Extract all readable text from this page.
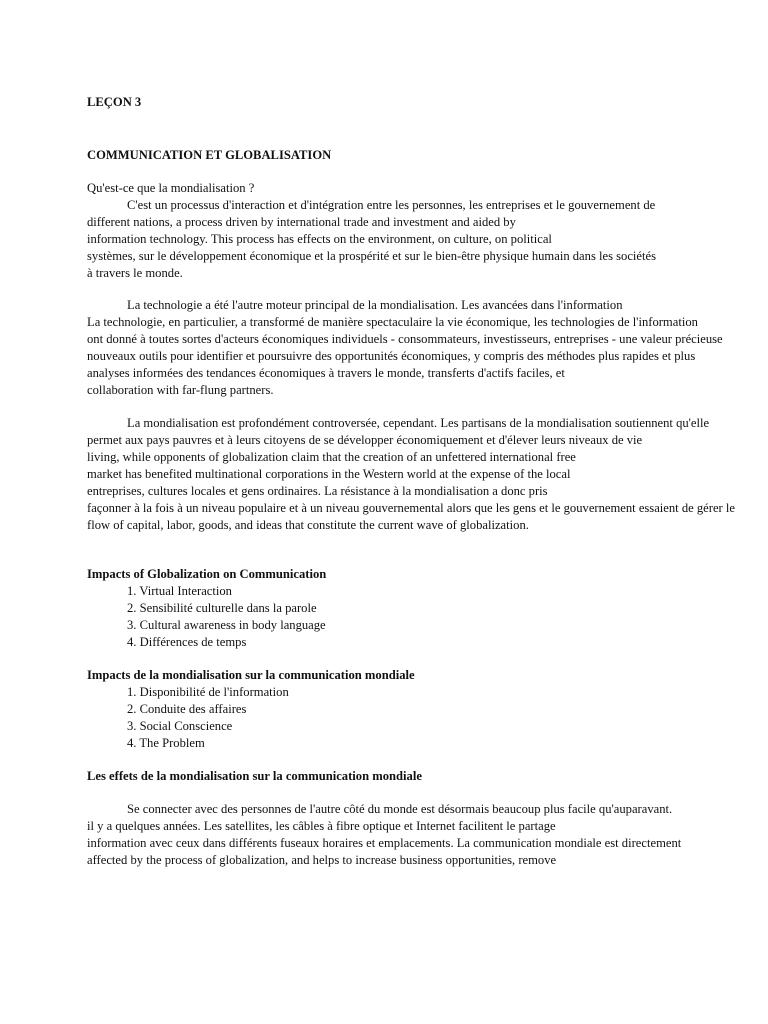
LEÇON 3
COMMUNICATION ET GLOBALISATION
Qu'est-ce que la mondialisation ?
C'est un processus d'interaction et d'intégration entre les personnes, les entreprises et le gouvernement de
different nations, a process driven by international trade and investment and aided by
information technology. This process has effects on the environment, on culture, on political
systèmes, sur le développement économique et la prospérité et sur le bien-être physique humain dans les sociétés
à travers le monde.
La technologie a été l'autre moteur principal de la mondialisation. Les avancées dans l'information
La technologie, en particulier, a transformé de manière spectaculaire la vie économique, les technologies de l'information
ont donné à toutes sortes d'acteurs économiques individuels - consommateurs, investisseurs, entreprises - une valeur précieuse
nouveaux outils pour identifier et poursuivre des opportunités économiques, y compris des méthodes plus rapides et plus
analyses informées des tendances économiques à travers le monde, transferts d'actifs faciles, et
collaboration with far-flung partners.
La mondialisation est profondément controversée, cependant. Les partisans de la mondialisation soutiennent qu'elle
permet aux pays pauvres et à leurs citoyens de se développer économiquement et d'élever leurs niveaux de vie
living, while opponents of globalization claim that the creation of an unfettered international free
market has benefited multinational corporations in the Western world at the expense of the local
entreprises, cultures locales et gens ordinaires. La résistance à la mondialisation a donc pris
façonner à la fois à un niveau populaire et à un niveau gouvernemental alors que les gens et le gouvernement essaient de gérer le
flow of capital, labor, goods, and ideas that constitute the current wave of globalization.
Impacts of Globalization on Communication
1. Virtual Interaction
2. Sensibilité culturelle dans la parole
3. Cultural awareness in body language
4. Différences de temps
Impacts de la mondialisation sur la communication mondiale
1. Disponibilité de l'information
2. Conduite des affaires
3. Social Conscience
4. The Problem
Les effets de la mondialisation sur la communication mondiale
Se connecter avec des personnes de l'autre côté du monde est désormais beaucoup plus facile qu'auparavant.
il y a quelques années. Les satellites, les câbles à fibre optique et Internet facilitent le partage
information avec ceux dans différents fuseaux horaires et emplacements. La communication mondiale est directement
affected by the process of globalization, and helps to increase business opportunities, remove
